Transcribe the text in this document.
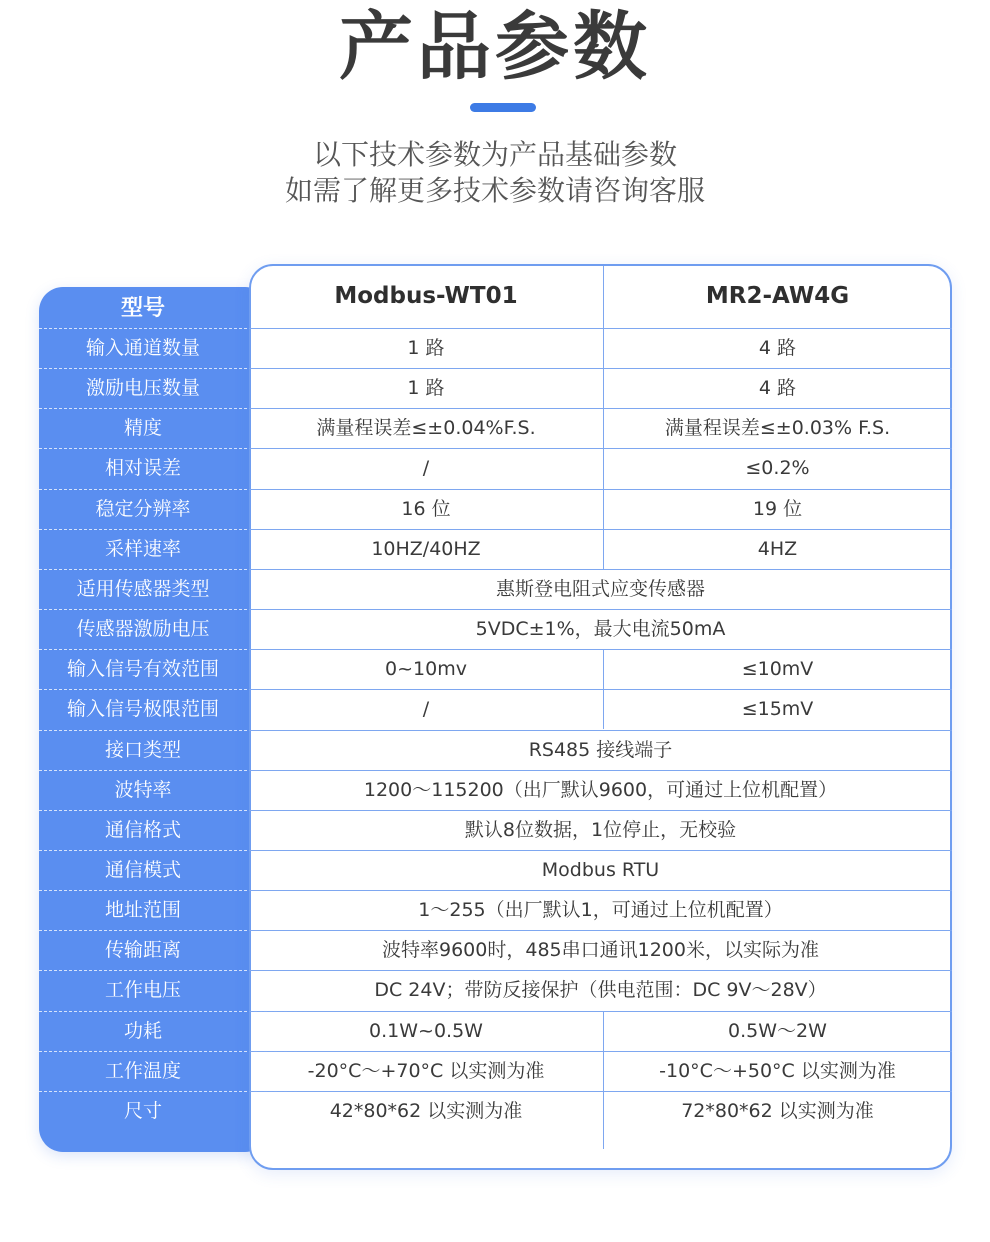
产品参数
以下技术参数为产品基础参数
如需了解更多技术参数请咨询客服
型号	Modbus-WT01	MR2-AW4G
输入通道数量	1 路	4 路
激励电压数量	1 路	4 路
精度	满量程误差≤±0.04%F.S.	满量程误差≤±0.03% F.S.
相对误差	/	≤0.2%
稳定分辨率	16 位	19 位
采样速率	10HZ/40HZ	4HZ
适用传感器类型	惠斯登电阻式应变传感器
传感器激励电压	5VDC±1%，最大电流50mA
输入信号有效范围	0~10mv	≤10mV
输入信号极限范围	/	≤15mV
接口类型	RS485 接线端子
波特率	1200～115200（出厂默认9600，可通过上位机配置）
通信格式	默认8位数据，1位停止，无校验
通信模式	Modbus RTU
地址范围	1～255（出厂默认1，可通过上位机配置）
传输距离	波特率9600时，485串口通讯1200米，以实际为准
工作电压	DC 24V；带防反接保护（供电范围：DC 9V～28V）
功耗	0.1W~0.5W	0.5W～2W
工作温度	-20°C～+70°C 以实测为准	-10°C～+50°C 以实测为准
尺寸	42*80*62 以实测为准	72*80*62 以实测为准
